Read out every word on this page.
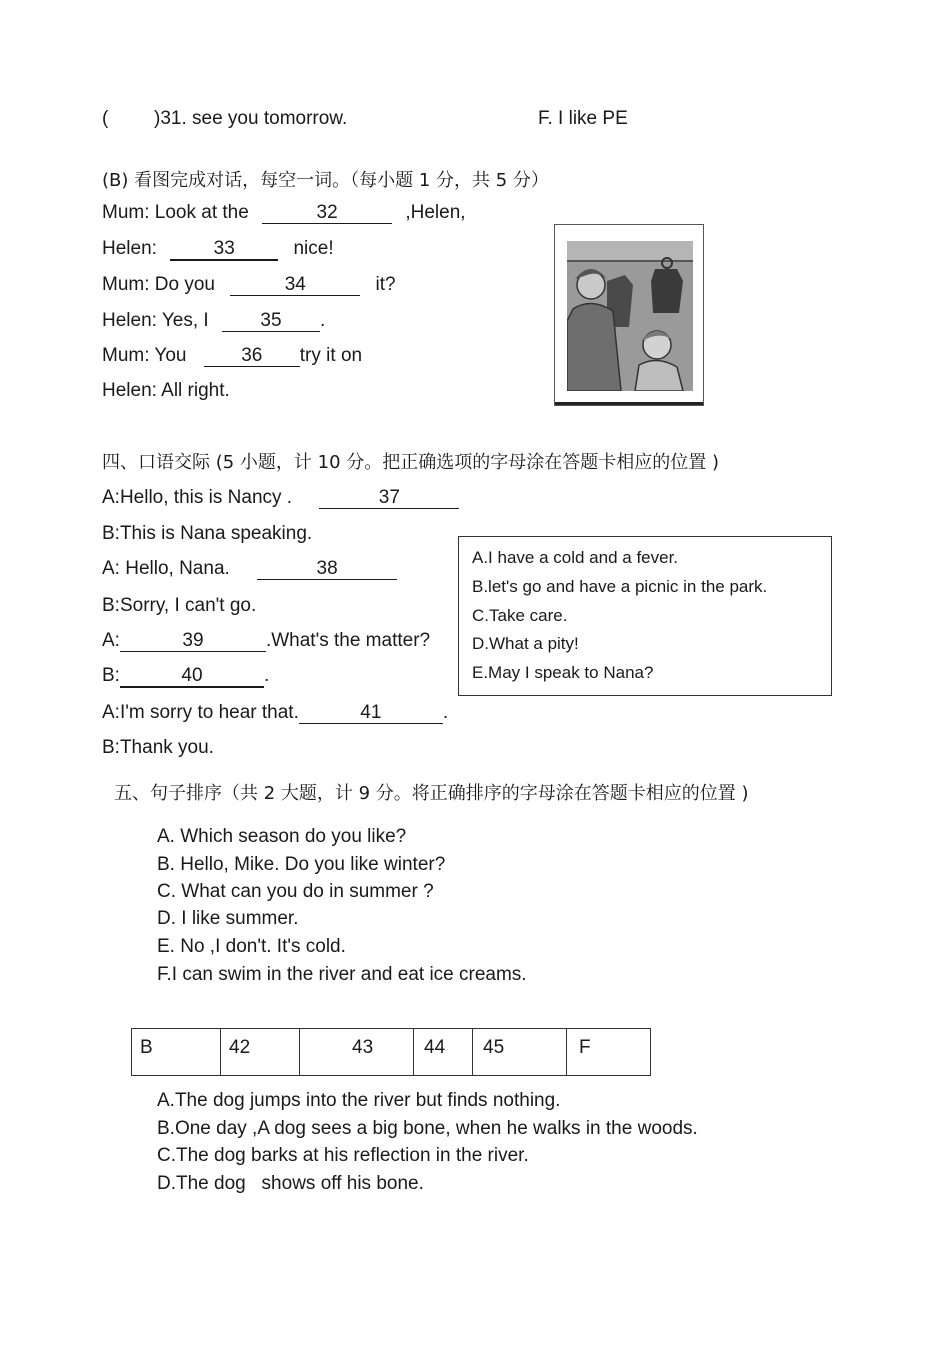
( )31. see you tomorrow.	F. I like PE
(B) 看图完成对话，每空一词。（每小题 1 分，共 5 分）
Mum: Look at the	32	,Helen,
Helen:	33	nice!
Mum: Do you	34	it?
Helen: Yes, I	35 .
Mum: You	36 try it on
Helen: All right.
四、口语交际 (5 小题，计 10 分。把正确选项的字母涂在答题卡相应的位置 )
A:Hello, this is Nancy .	37
B:This is Nana speaking.
A: Hello, Nana.	38
B:Sorry, I can't go.
A:	39	.What's the matter?
B:	40	.
A:I'm sorry to hear that.	41	.
B:Thank you.
A.I have a cold and a fever.
B.let's go and have a picnic in the park.
C.Take care.
D.What a pity!
E.May I speak to Nana?
五、句子排序（共 2 大题，计 9 分。将正确排序的字母涂在答题卡相应的位置 )
A. Which season do you like?
B. Hello, Mike. Do you like winter?
C. What can you do in summer ?
D. I like summer.
E. No ,I don't. It's cold.
F.I can swim in the river and eat ice creams.
B	42	43	44	45	F
A.The dog jumps into the river but finds nothing.
B.One day ,A dog sees a big bone, when he walks in the woods.
C.The dog barks at his reflection in the river.
D.The dog   shows off his bone.
